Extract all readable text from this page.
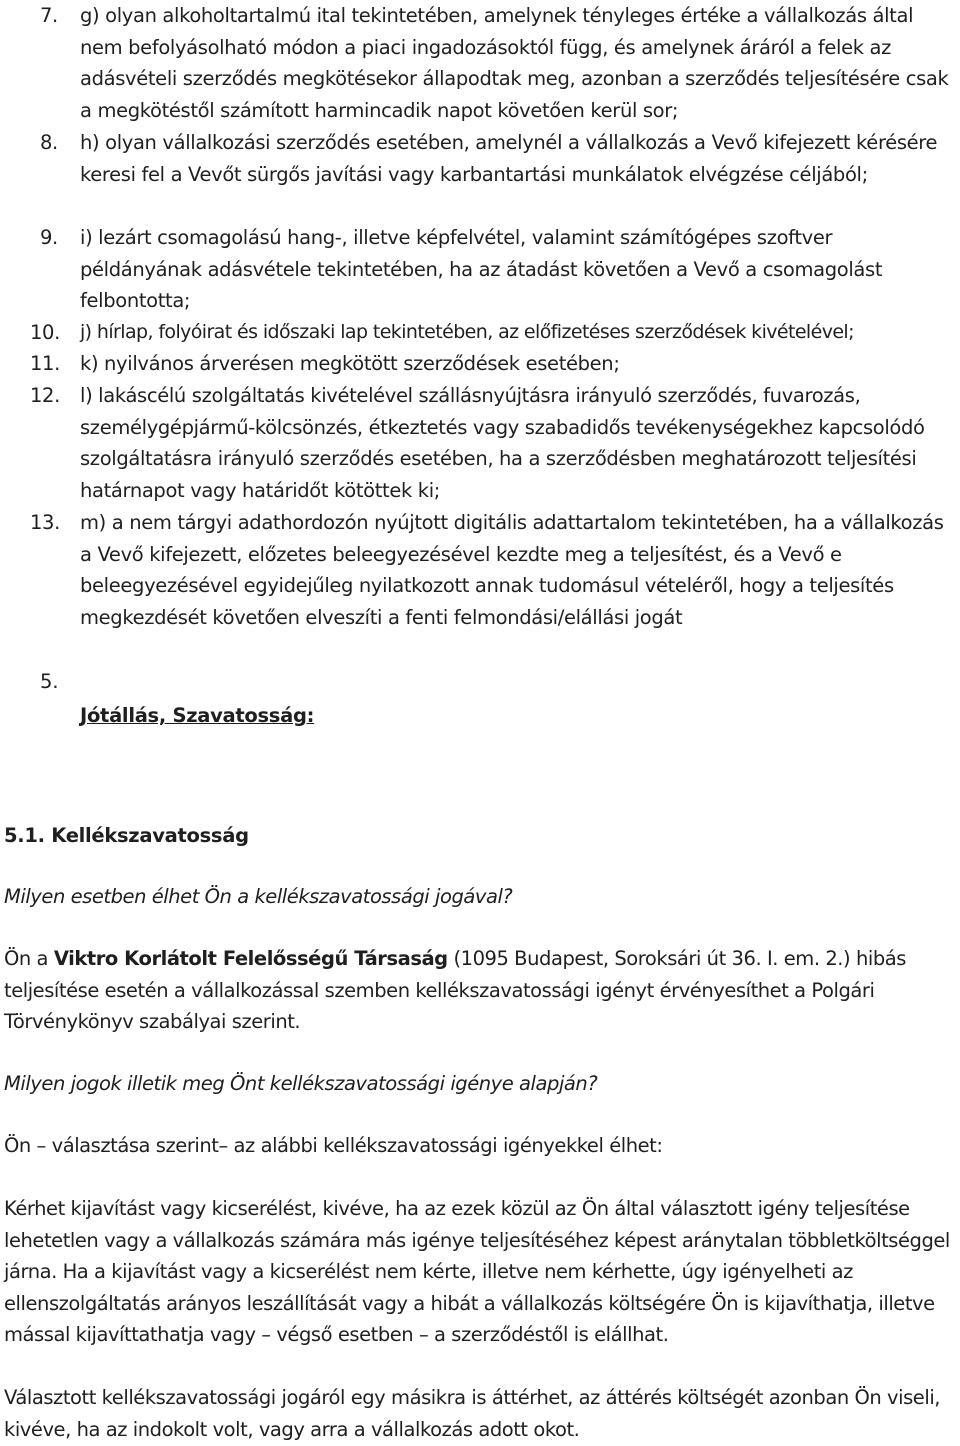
7.	g) olyan alkoholtartalmú ital tekintetében, amelynek tényleges értéke a vállalkozás által nem befolyásolható módon a piaci ingadozásoktól függ, és amelynek áráról a felek az adásvételi szerződés megkötésekor állapodtak meg, azonban a szerződés teljesítésére csak a megkötéstől számított harmincadik napot követően kerül sor;
8.	h) olyan vállalkozási szerződés esetében, amelynél a vállalkozás a Vevő kifejezett kérésére keresi fel a Vevőt sürgős javítási vagy karbantartási munkálatok elvégzése céljából;
9.	i) lezárt csomagolású hang-, illetve képfelvétel, valamint számítógépes szoftver példányának adásvétele tekintetében, ha az átadást követően a Vevő a csomagolást felbontotta;
10.	j) hírlap, folyóirat és időszaki lap tekintetében, az előfizetéses szerződések kivételével;
11.	k) nyilvános árverésen megkötött szerződések esetében;
12.	l) lakáscélú szolgáltatás kivételével szállásnyújtásra irányuló szerződés, fuvarozás, személygépjármű-kölcsönzés, étkeztetés vagy szabadidős tevékenységekhez kapcsolódó szolgáltatásra irányuló szerződés esetében, ha a szerződésben meghatározott teljesítési határnapot vagy határidőt kötöttek ki;
13.	m) a nem tárgyi adathordozón nyújtott digitális adattartalom tekintetében, ha a vállalkozás a Vevő kifejezett, előzetes beleegyezésével kezdte meg a teljesítést, és a Vevő e beleegyezésével egyidejűleg nyilatkozott annak tudomásul vételéről, hogy a teljesítés megkezdését követően elveszíti a fenti felmondási/elállási jogát
5.
Jótállás, Szavatosság:
5.1. Kellékszavatosság

Milyen esetben élhet Ön a kellékszavatossági jogával?

Ön a Viktro Korlátolt Felelősségű Társaság (1095 Budapest, Soroksári út 36. I. em. 2.) hibás teljesítése esetén a vállalkozással szemben kellékszavatossági igényt érvényesíthet a Polgári Törvénykönyv szabályai szerint.

Milyen jogok illetik meg Önt kellékszavatossági igénye alapján?

Ön – választása szerint– az alábbi kellékszavatossági igényekkel élhet:

Kérhet kijavítást vagy kicserélést, kivéve, ha az ezek közül az Ön által választott igény teljesítése lehetetlen vagy a vállalkozás számára más igénye teljesítéséhez képest aránytalan többletköltséggel járna. Ha a kijavítást vagy a kicserélést nem kérte, illetve nem kérhette, úgy igényelheti az ellenszolgáltatás arányos leszállítását vagy a hibát a vállalkozás költségére Ön is kijavíthatja, illetve mással kijavíttathatja vagy – végső esetben – a szerződéstől is elállhat.

Választott kellékszavatossági jogáról egy másikra is áttérhet, az áttérés költségét azonban Ön viseli, kivéve, ha az indokolt volt, vagy arra a vállalkozás adott okot.
